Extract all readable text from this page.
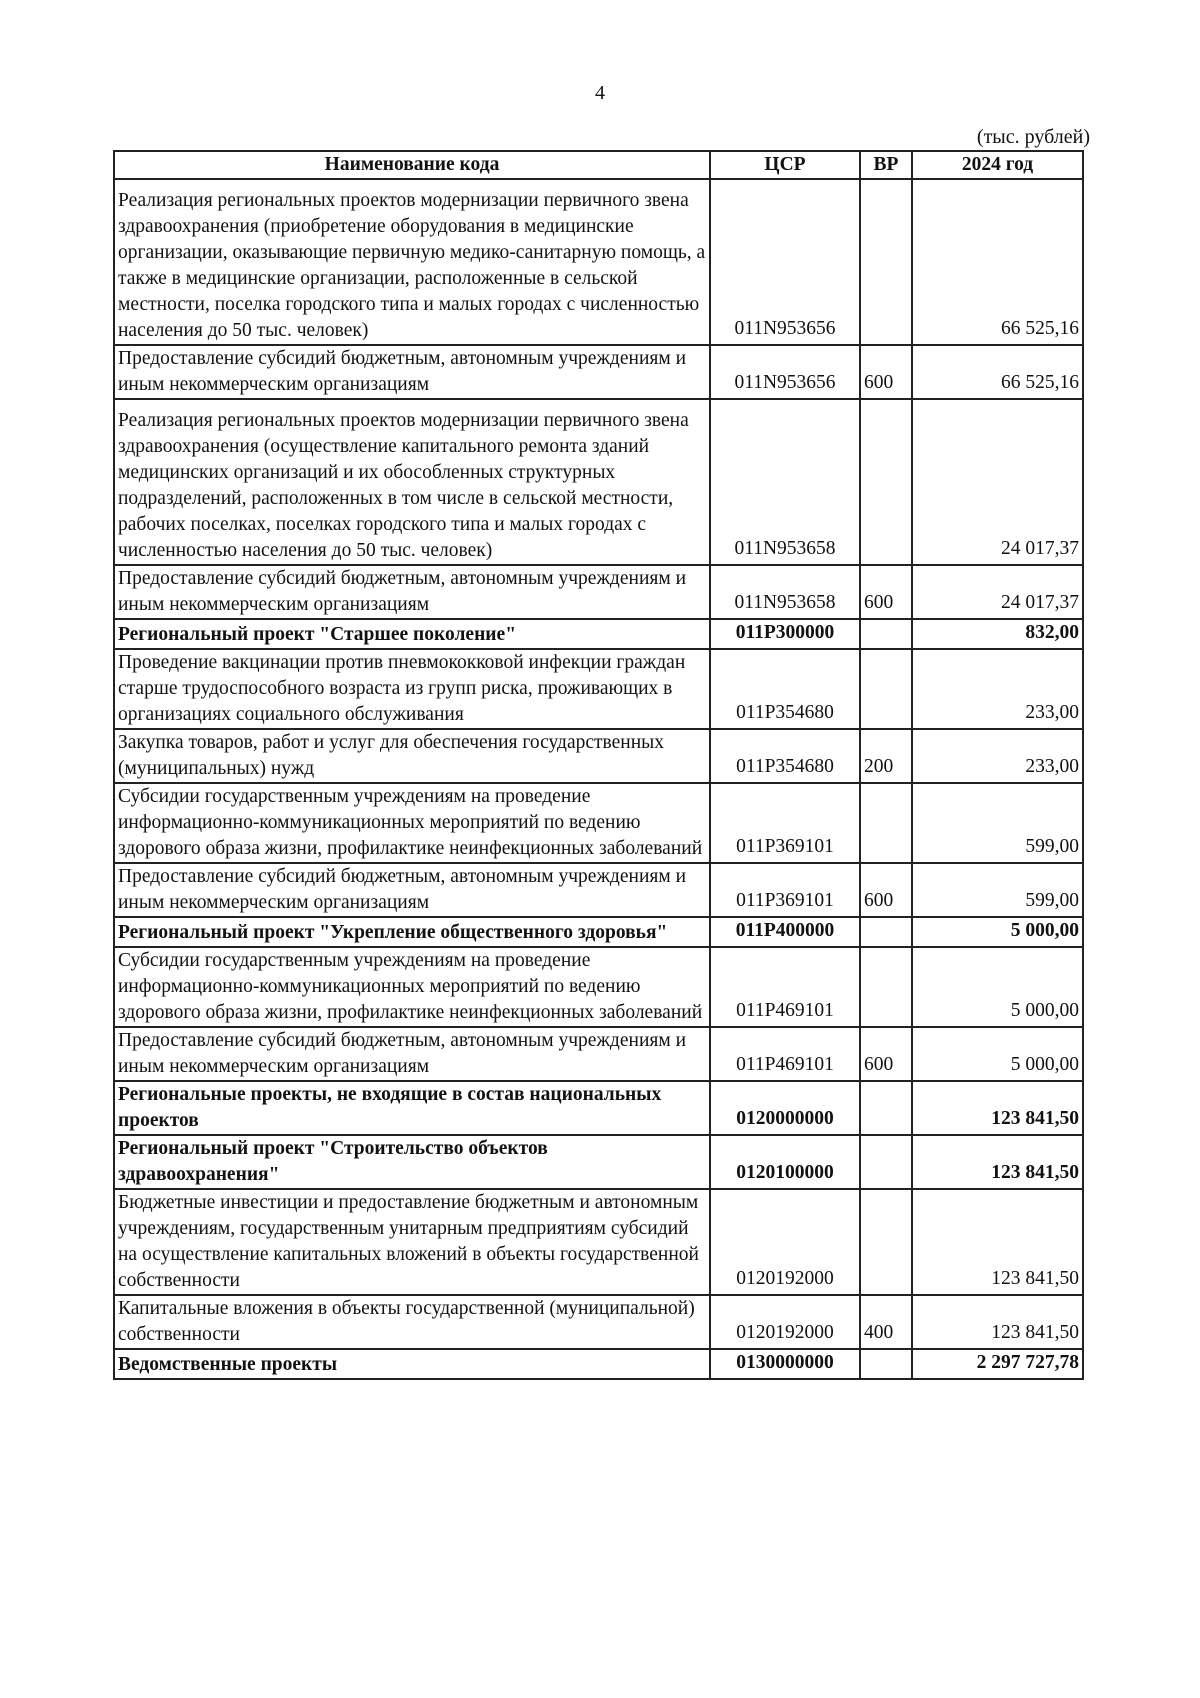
4
(тыс. рублей)
Наименование кода	ЦСР	ВР	2024 год
Реализация региональных проектов модернизации первичного звена здравоохранения (приобретение оборудования в медицинские организации, оказывающие первичную медико-санитарную помощь, а также в медицинские организации, расположенные в сельской местности, поселка городского типа и малых городах с численностью населения до 50 тыс. человек)	011N953656		66 525,16
Предоставление субсидий бюджетным, автономным учреждениям и иным некоммерческим организациям	011N953656	600	66 525,16
Реализация региональных проектов модернизации первичного звена здравоохранения (осуществление капитального ремонта зданий медицинских организаций и их обособленных структурных подразделений, расположенных в том числе в сельской местности, рабочих поселках, поселках городского типа и малых городах с численностью населения до 50 тыс. человек)	011N953658		24 017,37
Предоставление субсидий бюджетным, автономным учреждениям и иным некоммерческим организациям	011N953658	600	24 017,37
Региональный проект "Старшее поколение"	011P300000		832,00
Проведение вакцинации против пневмококковой инфекции граждан старше трудоспособного возраста из групп риска, проживающих в организациях социального обслуживания	011P354680		233,00
Закупка товаров, работ и услуг для обеспечения государственных (муниципальных) нужд	011P354680	200	233,00
Субсидии государственным учреждениям на проведение информационно-коммуникационных мероприятий по ведению здорового образа жизни, профилактике неинфекционных заболеваний	011P369101		599,00
Предоставление субсидий бюджетным, автономным учреждениям и иным некоммерческим организациям	011P369101	600	599,00
Региональный проект "Укрепление общественного здоровья"	011P400000		5 000,00
Субсидии государственным учреждениям на проведение информационно-коммуникационных мероприятий по ведению здорового образа жизни, профилактике неинфекционных заболеваний	011P469101		5 000,00
Предоставление субсидий бюджетным, автономным учреждениям и иным некоммерческим организациям	011P469101	600	5 000,00
Региональные проекты, не входящие в состав национальных проектов	0120000000		123 841,50
Региональный проект "Строительство объектов здравоохранения"	0120100000		123 841,50
Бюджетные инвестиции и предоставление бюджетным и автономным учреждениям, государственным унитарным предприятиям субсидий на осуществление капитальных вложений в объекты государственной собственности	0120192000		123 841,50
Капитальные вложения в объекты государственной (муниципальной) собственности	0120192000	400	123 841,50
Ведомственные проекты	0130000000		2 297 727,78
